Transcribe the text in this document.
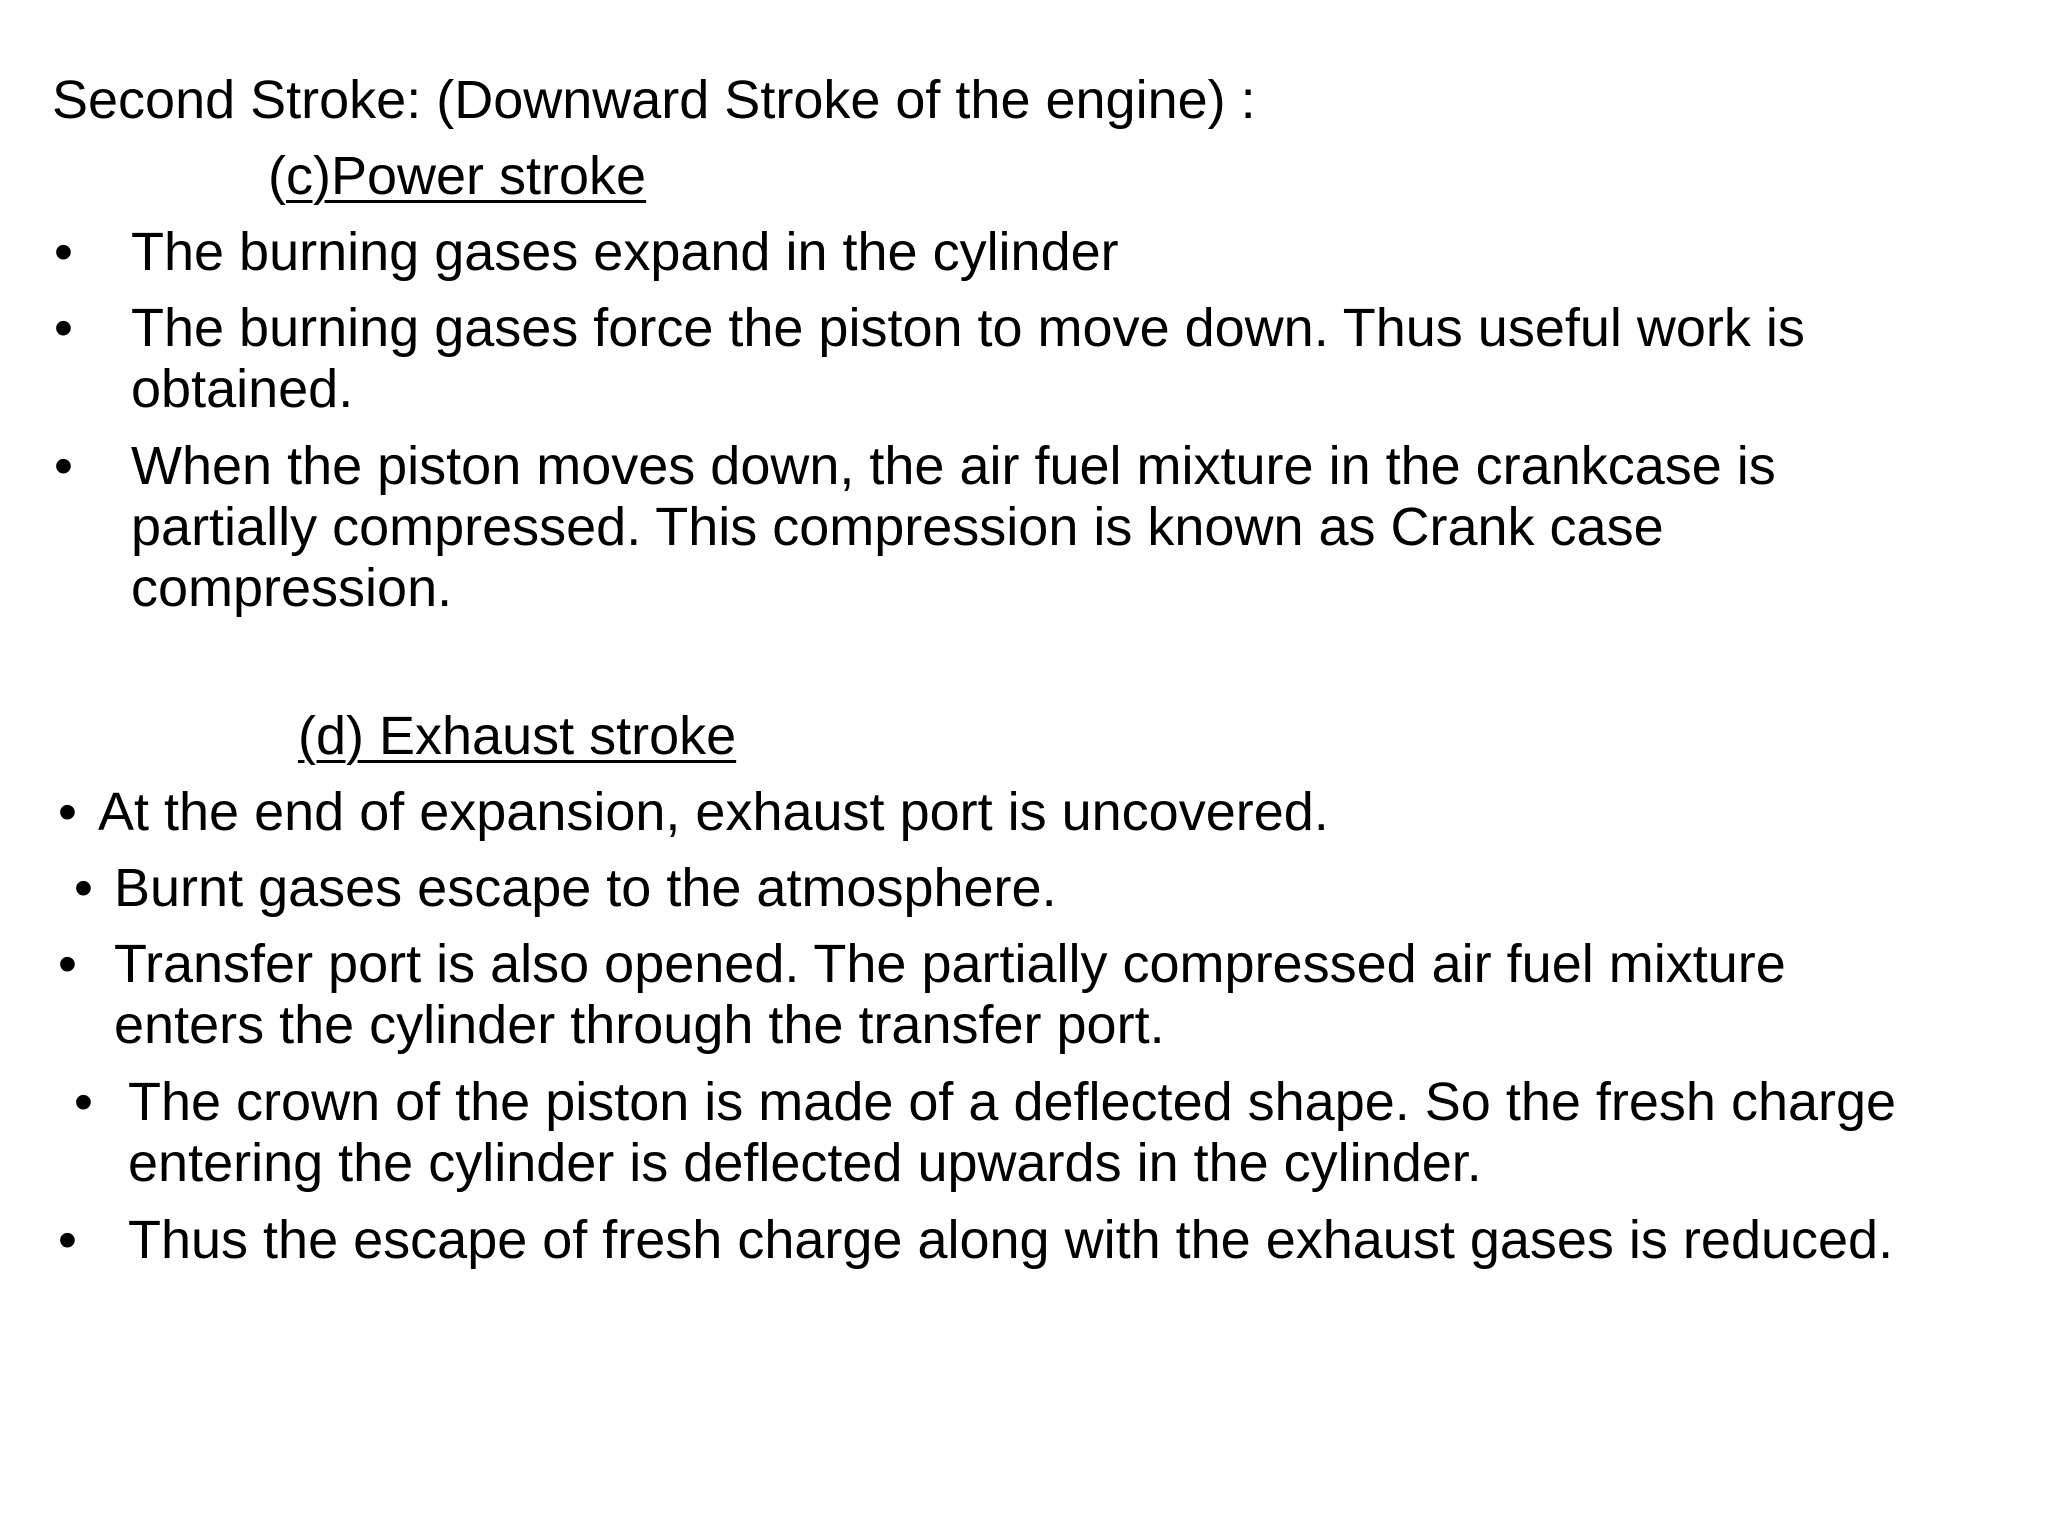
Second Stroke: (Downward Stroke of the engine) :
(c)Power stroke
• The burning gases expand in the cylinder
• The burning gases force the piston to move down. Thus useful work is obtained.
• When the piston moves down, the air fuel mixture in the crankcase is partially compressed. This compression is known as Crank case compression.
(d) Exhaust stroke
• At the end of expansion, exhaust port is uncovered.
• Burnt gases escape to the atmosphere.
• Transfer port is also opened. The partially compressed air fuel mixture enters the cylinder through the transfer port.
• The crown of the piston is made of a deflected shape. So the fresh charge entering the cylinder is deflected upwards in the cylinder.
• Thus the escape of fresh charge along with the exhaust gases is reduced.
